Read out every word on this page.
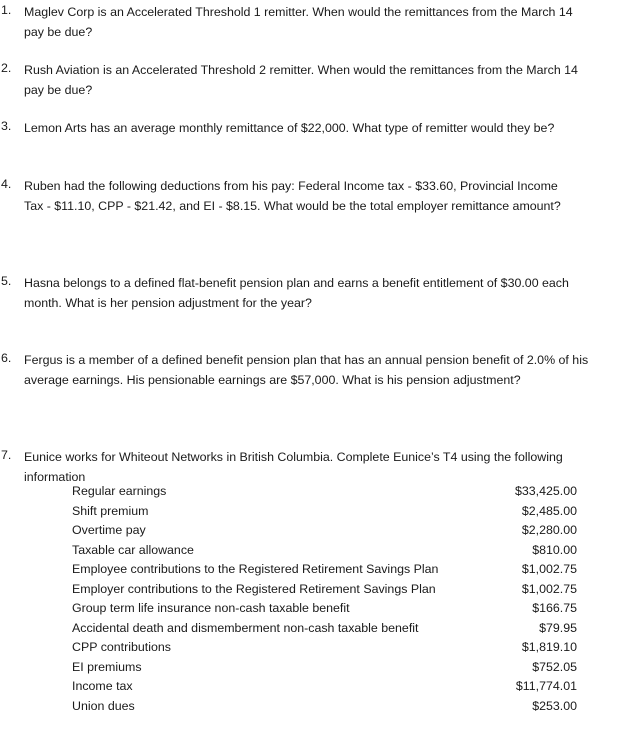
1. Maglev Corp is an Accelerated Threshold 1 remitter. When would the remittances from the March 14 pay be due?
2. Rush Aviation is an Accelerated Threshold 2 remitter. When would the remittances from the March 14 pay be due?
3. Lemon Arts has an average monthly remittance of $22,000. What type of remitter would they be?
4. Ruben had the following deductions from his pay: Federal Income tax - $33.60, Provincial Income Tax - $11.10, CPP - $21.42, and EI - $8.15. What would be the total employer remittance amount?
5. Hasna belongs to a defined flat-benefit pension plan and earns a benefit entitlement of $30.00 each month. What is her pension adjustment for the year?
6. Fergus is a member of a defined benefit pension plan that has an annual pension benefit of 2.0% of his average earnings. His pensionable earnings are $57,000. What is his pension adjustment?
7. Eunice works for Whiteout Networks in British Columbia. Complete Eunice’s T4 using the following information
Regular earnings	$33,425.00
Shift premium	$2,485.00
Overtime pay	$2,280.00
Taxable car allowance	$810.00
Employee contributions to the Registered Retirement Savings Plan	$1,002.75
Employer contributions to the Registered Retirement Savings Plan	$1,002.75
Group term life insurance non-cash taxable benefit	$166.75
Accidental death and dismemberment non-cash taxable benefit	$79.95
CPP contributions	$1,819.10
EI premiums	$752.05
Income tax	$11,774.01
Union dues	$253.00
